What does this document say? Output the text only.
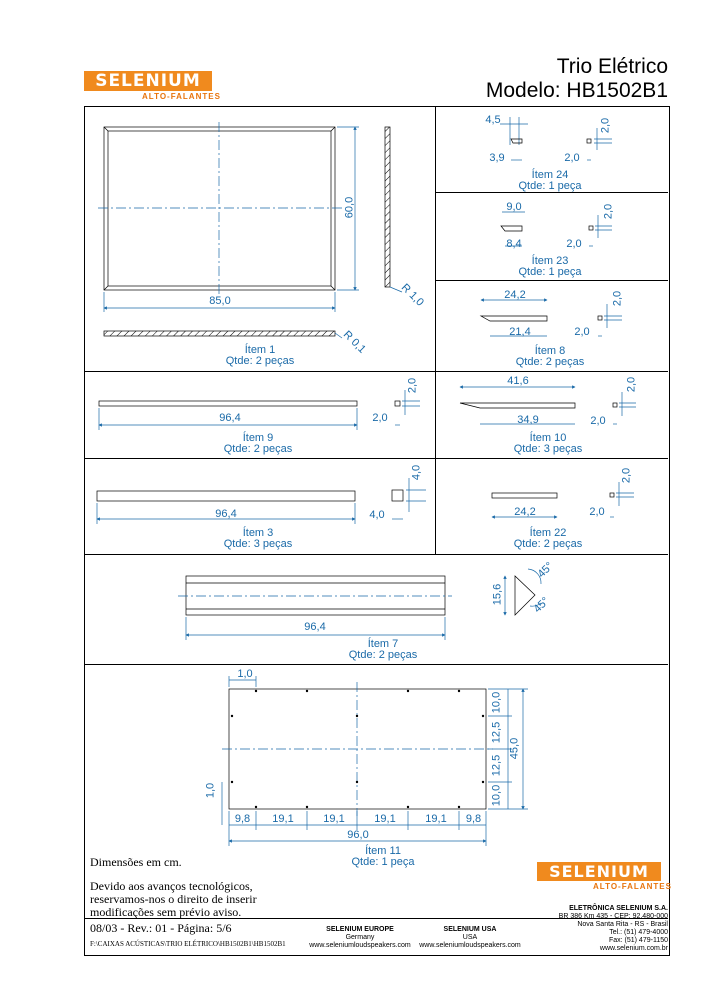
SELENIUM
ALTO-FALANTES
Trio Elétrico
Modelo: HB1502B1
85,0
60,0
R 1,0
R 0,1
Ítem 1
Qtde: 2 peças
4,5
3,9
2,0
2,0
Ítem 24
Qtde: 1 peça
9,0
8,4
2,0
2,0
Ítem 23
Qtde: 1 peça
24,2
21,4
2,0
2,0
Ítem 8
Qtde: 2 peças
96,4	2,0
2,0
Ítem 9
Qtde: 2 peças
41,6
34,9
2,0
2,0
Ítem 10
Qtde: 3 peças
96,4	4,0
4,0
Ítem 3
Qtde: 3 peças
24,2	2,0
2,0
Ítem 22
Qtde: 2 peças
96,4
15,6
45°
45°
Ítem 7
Qtde: 2 peças
1,0
1,0
9,8	19,1	19,1	19,1	19,1	9,8
96,0
10,0
12,5
12,5
10,0
45,0
Ítem 11
Qtde: 1 peça
Dimensões em cm.
Devido aos avanços tecnológicos,
reservamos-nos o direito de inserir
modificações sem prévio aviso.
08/03 - Rev.: 01 - Página: 5/6
F:\CAIXAS ACÚSTICAS\TRIO ELÉTRICO\HB1502B1\HB1502B1
SELENIUM EUROPE
Germany
www.seleniumloudspeakers.com
SELENIUM USA
USA
www.seleniumloudspeakers.com
ELETRÔNICA SELENIUM S.A.
BR 386 Km 435 - CEP: 92.480-000
Nova Santa Rita - RS - Brasil
Tel.: (51) 479-4000
Fax: (51) 479-1150
www.selenium.com.br
SELENIUM
ALTO-FALANTES
